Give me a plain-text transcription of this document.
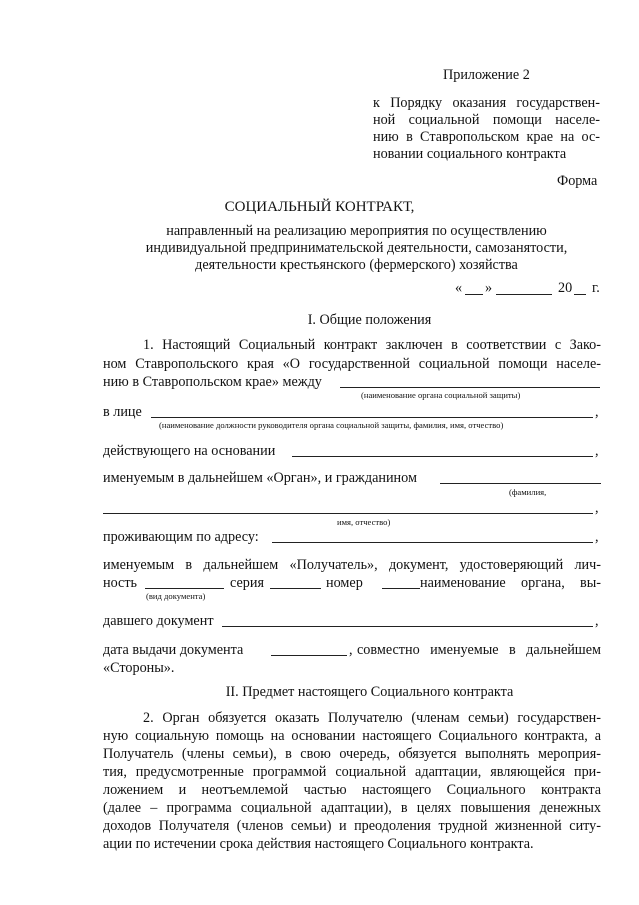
Приложение 2
к Порядку оказания государствен-
ной социальной помощи населе-
нию в Ставропольском крае на ос-
новании социального контракта
Форма
СОЦИАЛЬНЫЙ КОНТРАКТ,
направленный на реализацию мероприятия по осуществлению
индивидуальной предпринимательской деятельности, самозанятости,
деятельности крестьянского (фермерского) хозяйства
« »	20 г.
I. Общие положения
1. Настоящий Социальный контракт заключен в соответствии с Зако-
ном Ставропольского края «О государственной социальной помощи населе-
нию в Ставропольском крае» между
(наименование органа социальной защиты)
в лице	,
(наименование должности руководителя органа социальной защиты, фамилия, имя, отчество)
действующего на основании	,
именуемым в дальнейшем «Орган», и гражданином
(фамилия,
,
имя, отчество)
проживающим по адресу:	,
именуемым в дальнейшем «Получатель», документ, удостоверяющий лич-
ность	серия	номер	наименование органа, вы-
(вид документа)
давшего документ	,
дата выдачи документа	, совместно именуемые в дальнейшем
«Стороны».
II. Предмет настоящего Социального контракта
2. Орган обязуется оказать Получателю (членам семьи) государствен-
ную социальную помощь на основании настоящего Социального контракта, а
Получатель (члены семьи), в свою очередь, обязуется выполнять мероприя-
тия, предусмотренные программой социальной адаптации, являющейся при-
ложением и неотъемлемой частью настоящего Социального контракта
(далее – программа социальной адаптации), в целях повышения денежных
доходов Получателя (членов семьи) и преодоления трудной жизненной ситу-
ации по истечении срока действия настоящего Социального контракта.
